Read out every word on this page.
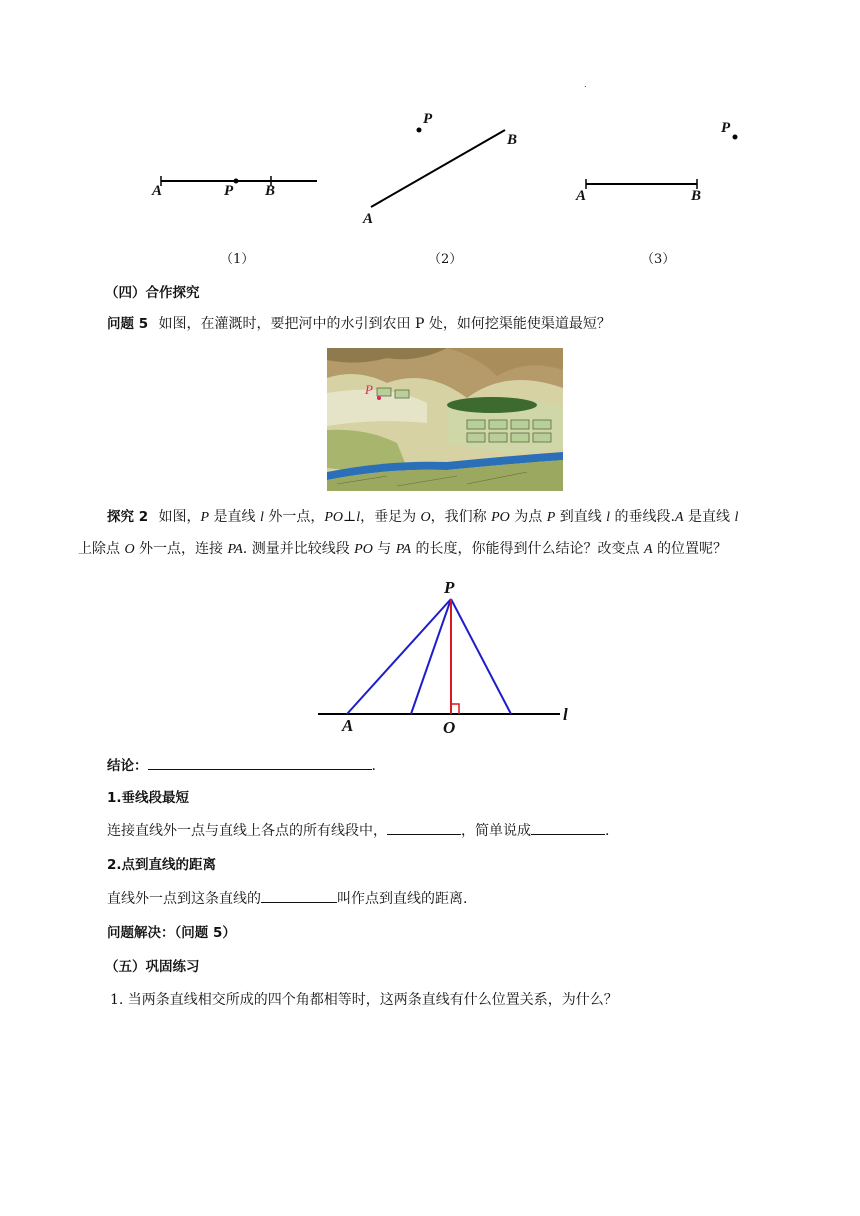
.
A	P B
（1）
P
B
A
（2）
P
A	B
（3）
（四）合作探究
问题 5 如图，在灌溉时，要把河中的水引到农田 P 处，如何挖渠能使渠道最短？
P
探究 2 如图，P 是直线 l 外一点，PO⊥l，垂足为 O，我们称 PO 为点 P 到直线 l 的垂线段.A 是直线 l
上除点 O 外一点，连接 PA. 测量并比较线段 PO 与 PA 的长度，你能得到什么结论？改变点 A 的位置呢？
P
A	O
l
结论：	.
1.垂线段最短
连接直线外一点与直线上各点的所有线段中，	，简单说成	.
2.点到直线的距离
直线外一点到这条直线的	叫作点到直线的距离.
问题解决：（问题 5）
（五）巩固练习
1. 当两条直线相交所成的四个角都相等时，这两条直线有什么位置关系，为什么？
